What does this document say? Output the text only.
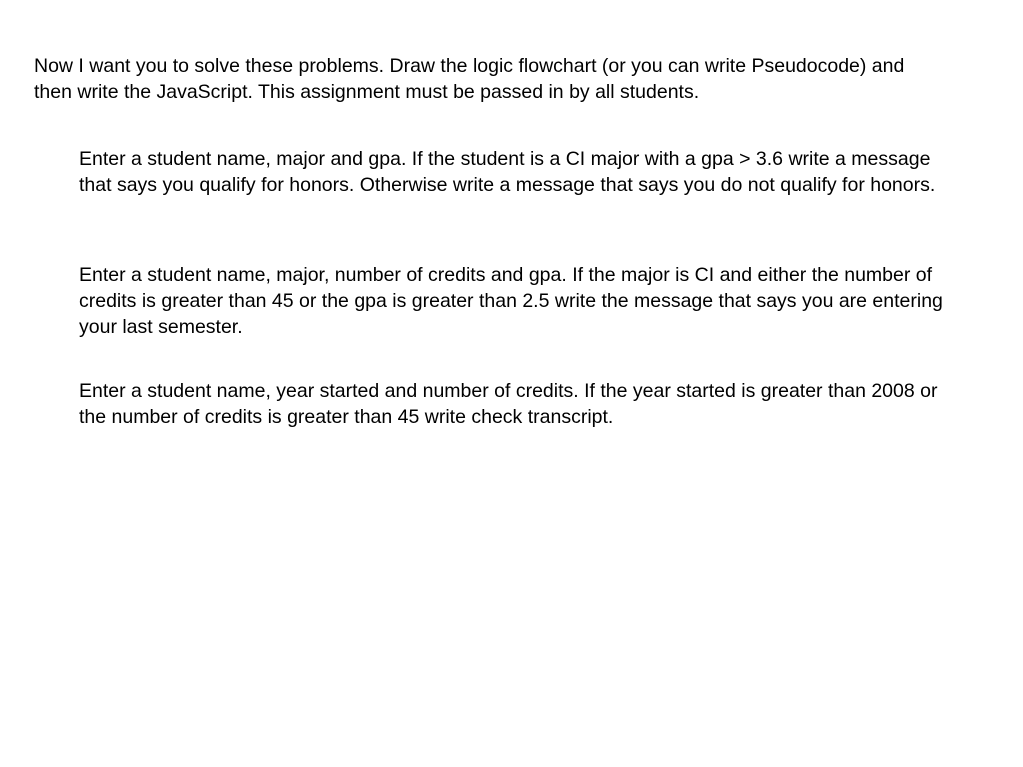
Now I want you to solve these problems. Draw the logic flowchart (or you can write Pseudocode) and then write the JavaScript. This assignment must be passed in by all students.

Enter a student name, major and gpa. If the student is a CI major with a gpa > 3.6 write a message that says you qualify for honors. Otherwise write a message that says you do not qualify for honors.

Enter a student name, major, number of credits and gpa. If the major is CI and either the number of credits is greater than 45 or the gpa is greater than 2.5 write the message that says you are entering your last semester.

Enter a student name, year started and number of credits. If the year started is greater than 2008 or the number of credits is greater than 45 write check transcript.
